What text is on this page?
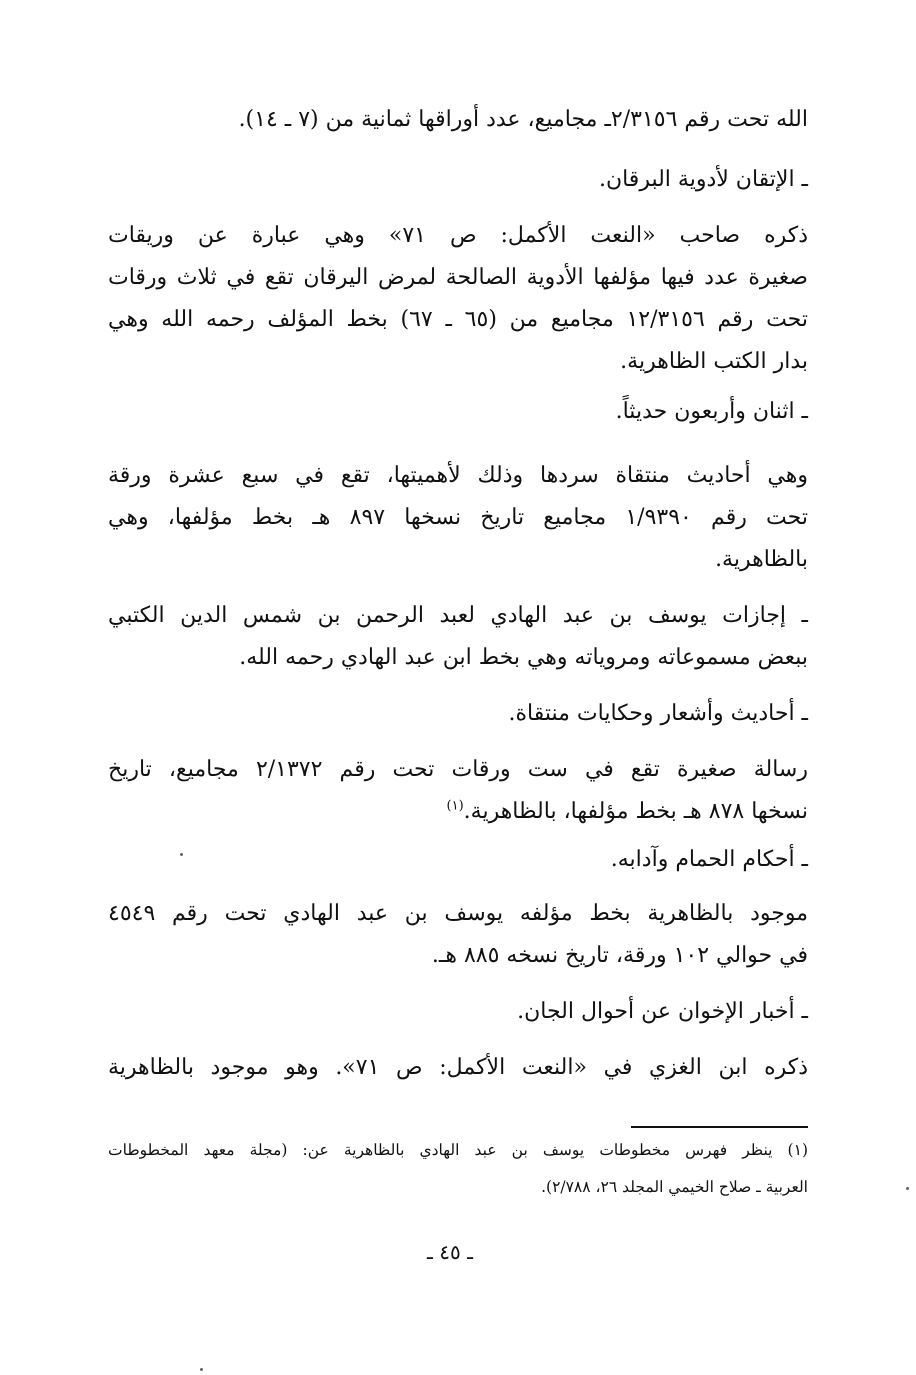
الله تحت رقم ٢/٣١٥٦ـ مجاميع، عدد أوراقها ثمانية من (٧ ـ ١٤).
ـ الإتقان لأدوية البرقان.
ذكره صاحب «النعت الأكمل: ص ٧١» وهي عبارة عن وريقات
صغيرة عدد فيها مؤلفها الأدوية الصالحة لمرض اليرقان تقع في ثلاث ورقات
تحت رقم ١٢/٣١٥٦ مجاميع من (٦٥ ـ ٦٧) بخط المؤلف رحمه الله وهي
بدار الكتب الظاهرية.
ـ اثنان وأربعون حديثاً.
وهي أحاديث منتقاة سردها وذلك لأهميتها، تقع في سبع عشرة ورقة
تحت رقم ١/٩٣٩٠ مجاميع تاريخ نسخها ٨٩٧ هـ بخط مؤلفها، وهي
بالظاهرية.
ـ إجازات يوسف بن عبد الهادي لعبد الرحمن بن شمس الدين الكتبي
ببعض مسموعاته ومروياته وهي بخط ابن عبد الهادي رحمه الله.
ـ أحاديث وأشعار وحكايات منتقاة.
رسالة صغيرة تقع في ست ورقات تحت رقم ٢/١٣٧٢ مجاميع، تاريخ
نسخها ٨٧٨ هـ بخط مؤلفها، بالظاهرية.$^{(١)}$
ـ أحكام الحمام وآدابه.
موجود بالظاهرية بخط مؤلفه يوسف بن عبد الهادي تحت رقم ٤٥٤٩
في حوالي ١٠٢ ورقة، تاريخ نسخه ٨٨٥ هـ.
ـ أخبار الإخوان عن أحوال الجان.
ذكره ابن الغزي في «النعت الأكمل: ص ٧١». وهو موجود بالظاهرية
(١) ينظر فهرس مخطوطات يوسف بن عبد الهادي بالظاهرية عن: (مجلة معهد المخطوطات
العربية ـ صلاح الخيمي المجلد ٢٦، ٢/٧٨٨).
ـ ٤٥ ـ
